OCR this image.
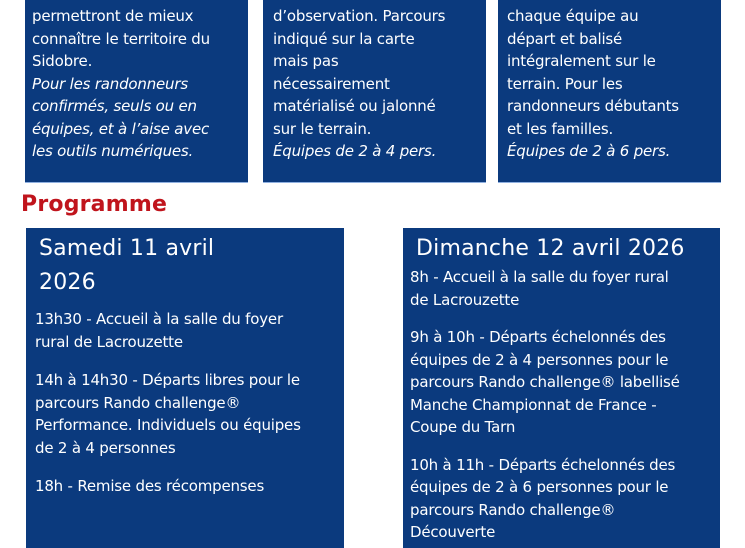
permettront de mieux
connaître le territoire du
Sidobre.
Pour les randonneurs
confirmés, seuls ou en
équipes, et à l’aise avec
les outils numériques.
d’observation. Parcours
indiqué sur la carte
mais pas
nécessairement
matérialisé ou jalonné
sur le terrain.
Équipes de 2 à 4 pers.
chaque équipe au
départ et balisé
intégralement sur le
terrain. Pour les
randonneurs débutants
et les familles.
Équipes de 2 à 6 pers.
Programme
Samedi 11 avril
2026
13h30 - Accueil à la salle du foyer
rural de Lacrouzette
14h à 14h30 - Départs libres pour le
parcours Rando challenge®
Performance. Individuels ou équipes
de 2 à 4 personnes
18h - Remise des récompenses
Dimanche 12 avril 2026
8h - Accueil à la salle du foyer rural
de Lacrouzette
9h à 10h - Départs échelonnés des
équipes de 2 à 4 personnes pour le
parcours Rando challenge® labellisé
Manche Championnat de France -
Coupe du Tarn
10h à 11h - Départs échelonnés des
équipes de 2 à 6 personnes pour le
parcours Rando challenge®
Découverte
